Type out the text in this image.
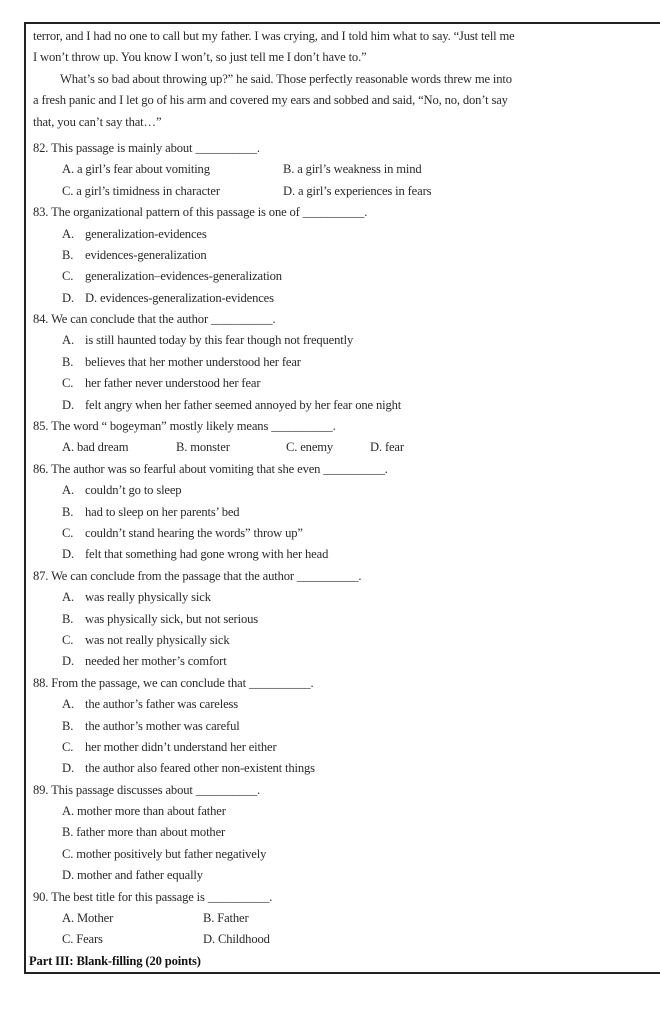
terror, and I had no one to call but my father. I was crying, and I told him what to say. “Just tell me
I won’t throw up. You know I won’t, so just tell me I don’t have to.”
What’s so bad about throwing up?” he said. Those perfectly reasonable words threw me into
a fresh panic and I let go of his arm and covered my ears and sobbed and said, “No, no, don’t say
that, you can’t say that…”
82. This passage is mainly about __________.
A. a girl’s fear about vomiting	B. a girl’s weakness in mind
C. a girl’s timidness in character	D. a girl’s experiences in fears
83. The organizational pattern of this passage is one of __________.
A. generalization-evidences
B. evidences-generalization
C. generalization–evidences-generalization
D. D. evidences-generalization-evidences
84. We can conclude that the author __________.
A. is still haunted today by this fear though not frequently
B. believes that her mother understood her fear
C. her father never understood her fear
D. felt angry when her father seemed annoyed by her fear one night
85. The word “ bogeyman” mostly likely means __________.
A. bad dream	B. monster	C. enemy	D. fear
86. The author was so fearful about vomiting that she even __________.
A. couldn’t go to sleep
B. had to sleep on her parents’ bed
C. couldn’t stand hearing the words” throw up”
D. felt that something had gone wrong with her head
87. We can conclude from the passage that the author __________.
A. was really physically sick
B. was physically sick, but not serious
C. was not really physically sick
D. needed her mother’s comfort
88. From the passage, we can conclude that __________.
A. the author’s father was careless
B. the author’s mother was careful
C. her mother didn’t understand her either
D. the author also feared other non-existent things
89. This passage discusses about __________.
A. mother more than about father
B. father more than about mother
C. mother positively but father negatively
D. mother and father equally
90. The best title for this passage is __________.
A. Mother	B. Father
C. Fears	D. Childhood
Part III: Blank-filling (20 points)
